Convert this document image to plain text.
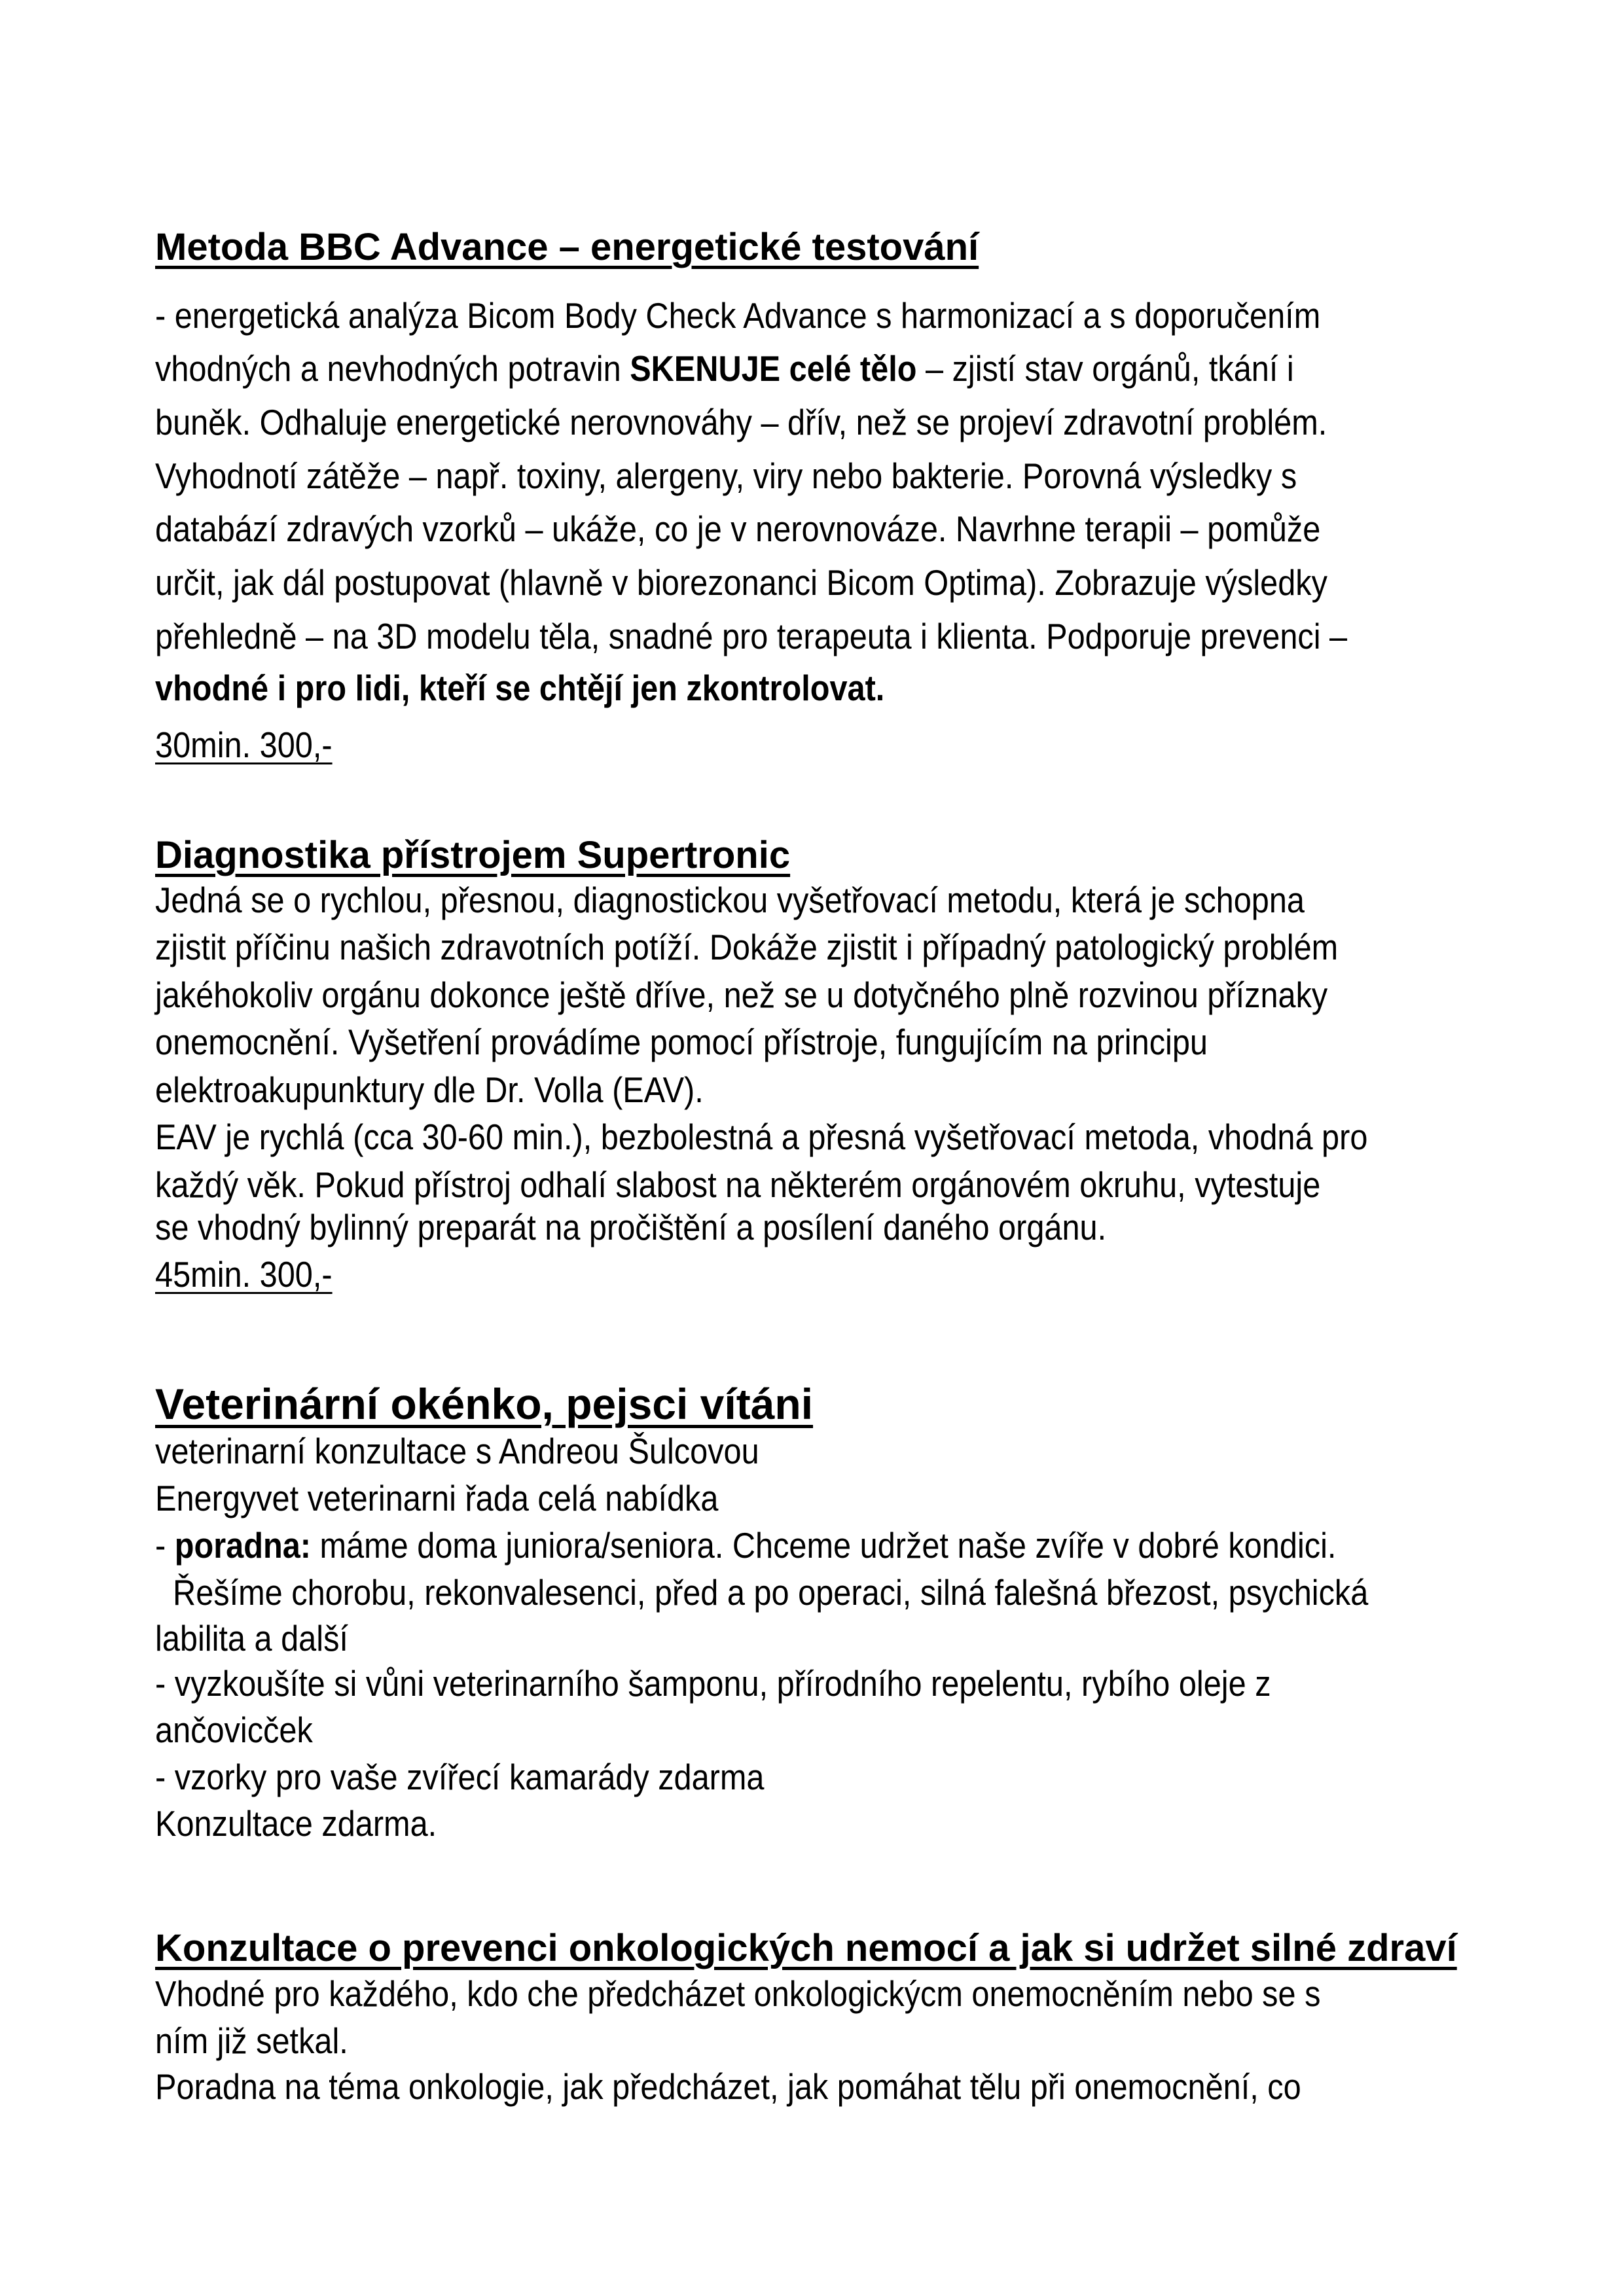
Metoda BBC Advance – energetické testování
- energetická analýza Bicom Body Check Advance s harmonizací a s doporučením
vhodných a nevhodných potravin SKENUJE celé tělo – zjistí stav orgánů, tkání i
buněk. Odhaluje energetické nerovnováhy – dřív, než se projeví zdravotní problém.
Vyhodnotí zátěže – např. toxiny, alergeny, viry nebo bakterie. Porovná výsledky s
databází zdravých vzorků – ukáže, co je v nerovnováze. Navrhne terapii – pomůže
určit, jak dál postupovat (hlavně v biorezonanci Bicom Optima). Zobrazuje výsledky
přehledně – na 3D modelu těla, snadné pro terapeuta i klienta. Podporuje prevenci –
vhodné i pro lidi, kteří se chtějí jen zkontrolovat.
30min. 300,-
Diagnostika přístrojem Supertronic
Jedná se o rychlou, přesnou, diagnostickou vyšetřovací metodu, která je schopna
zjistit příčinu našich zdravotních potíží. Dokáže zjistit i případný patologický problém
jakéhokoliv orgánu dokonce ještě dříve, než se u dotyčného plně rozvinou příznaky
onemocnění. Vyšetření provádíme pomocí přístroje, fungujícím na principu
elektroakupunktury dle Dr. Volla (EAV).
EAV je rychlá (cca 30-60 min.), bezbolestná a přesná vyšetřovací metoda, vhodná pro
každý věk. Pokud přístroj odhalí slabost na některém orgánovém okruhu, vytestuje
se vhodný bylinný preparát na pročištění a posílení daného orgánu.
45min. 300,-
Veterinární okénko, pejsci vítáni
veterinarní konzultace s Andreou Šulcovou
Energyvet veterinarni řada celá nabídka
- poradna: máme doma juniora/seniora. Chceme udržet naše zvíře v dobré kondici.
Řešíme chorobu, rekonvalesenci, před a po operaci, silná falešná březost, psychická
labilita a další
- vyzkoušíte si vůni veterinarního šamponu, přírodního repelentu, rybího oleje z
ančovicček
- vzorky pro vaše zvířecí kamarády zdarma
Konzultace zdarma.
Konzultace o prevenci onkologických nemocí a jak si udržet silné zdraví
Vhodné pro každého, kdo che předcházet onkologickýcm onemocněním nebo se s
ním již setkal.
Poradna na téma onkologie, jak předcházet, jak pomáhat tělu při onemocnění, co
